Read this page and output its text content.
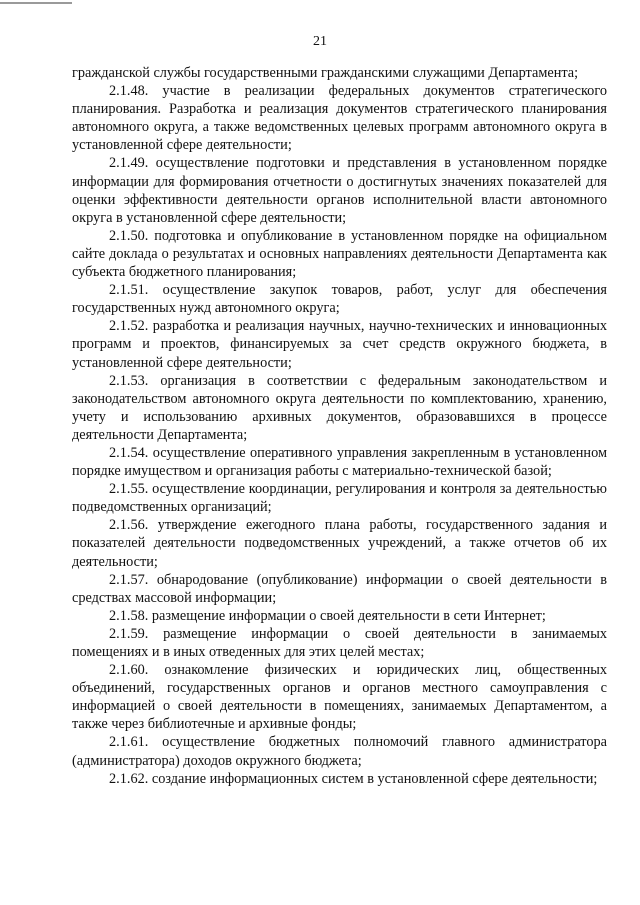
21

гражданской службы государственными гражданскими служащими Департамента;

2.1.48. участие в реализации федеральных документов стратегического планирования. Разработка и реализация документов стратегического планирования автономного округа, а также ведомственных целевых программ автономного округа в установленной сфере деятельности;

2.1.49. осуществление подготовки и представления в установленном порядке информации для формирования отчетности о достигнутых значениях показателей для оценки эффективности деятельности органов исполнительной власти автономного округа в установленной сфере деятельности;

2.1.50. подготовка и опубликование в установленном порядке на официальном сайте доклада о результатах и основных направлениях деятельности Департамента как субъекта бюджетного планирования;

2.1.51. осуществление закупок товаров, работ, услуг для обеспечения государственных нужд автономного округа;

2.1.52. разработка и реализация научных, научно-технических и инновационных программ и проектов, финансируемых за счет средств окружного бюджета, в установленной сфере деятельности;

2.1.53. организация в соответствии с федеральным законодательством и законодательством автономного округа деятельности по комплектованию, хранению, учету и использованию архивных документов, образовавшихся в процессе деятельности Департамента;

2.1.54. осуществление оперативного управления закрепленным в установленном порядке имуществом и организация работы с материально-технической базой;

2.1.55. осуществление координации, регулирования и контроля за деятельностью подведомственных организаций;

2.1.56. утверждение ежегодного плана работы, государственного задания и показателей деятельности подведомственных учреждений, а также отчетов об их деятельности;

2.1.57. обнародование (опубликование) информации о своей деятельности в средствах массовой информации;

2.1.58. размещение информации о своей деятельности в сети Интернет;

2.1.59. размещение информации о своей деятельности в занимаемых помещениях и в иных отведенных для этих целей местах;

2.1.60. ознакомление физических и юридических лиц, общественных объединений, государственных органов и органов местного самоуправления с информацией о своей деятельности в помещениях, занимаемых Департаментом, а также через библиотечные и архивные фонды;

2.1.61. осуществление бюджетных полномочий главного администратора (администратора) доходов окружного бюджета;

2.1.62. создание информационных систем в установленной сфере деятельности;
